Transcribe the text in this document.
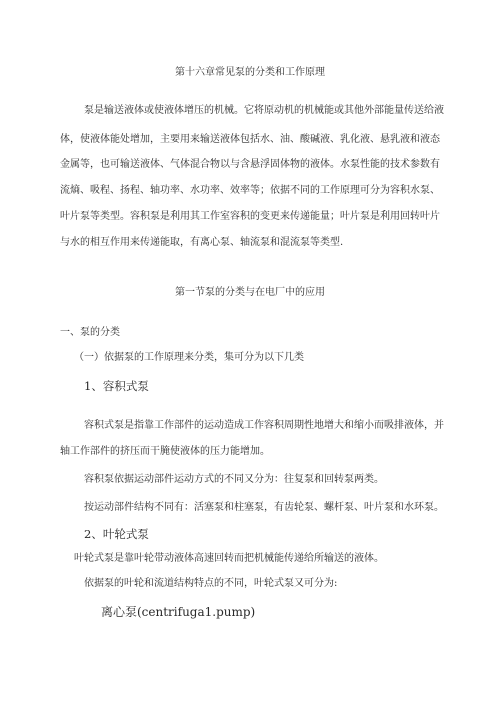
第十六章常见泵的分类和工作原理
泵是输送液体或使液体增压的机械。它将原动机的机械能或其他外部能量传送给液
体，使液体能处增加，主要用来输送液体包括水、油、酸碱液、乳化液、悬乳液和液态
金属等，也可输送液体、气体混合物以与含悬浮固体物的液体。水泵性能的技术参数有
流熵、吸程、扬程、轴功率、水功率、效率等；依据不同的工作原理可分为容积水泵、
叶片泵等类型。容积泵是利用其工作室容积的变更来传递能量；叶片泵是利用回转叶片
与水的相互作用来传递能取，有离心泵、轴流泵和混流泵等类型.
第一节泵的分类与在电厂中的应用
一、泵的分类
（一）依据泵的工作原理来分类，集可分为以下几类
1、容积式泵
容积式泵是指靠工作部件的运动造成工作容积周期性地增大和缩小而吸排液体，并
轴工作部件的挤压而干腌使液体的压力能增加。
容积泵依据运动部件运动方式的不同又分为：往复泵和回转泵两类。
按运动部件结构不同有：活塞泵和柱塞泵，有齿轮泵、螺杆泵、叶片泵和水环泵。
2、叶轮式泵
叶轮式泵是靠叶轮带动液体高速回转而把机械能传递给所输送的液体。
依据泵的叶轮和流道结构特点的不同，叶轮式泵又可分为:
离心泵(centrifuga1.pump)
